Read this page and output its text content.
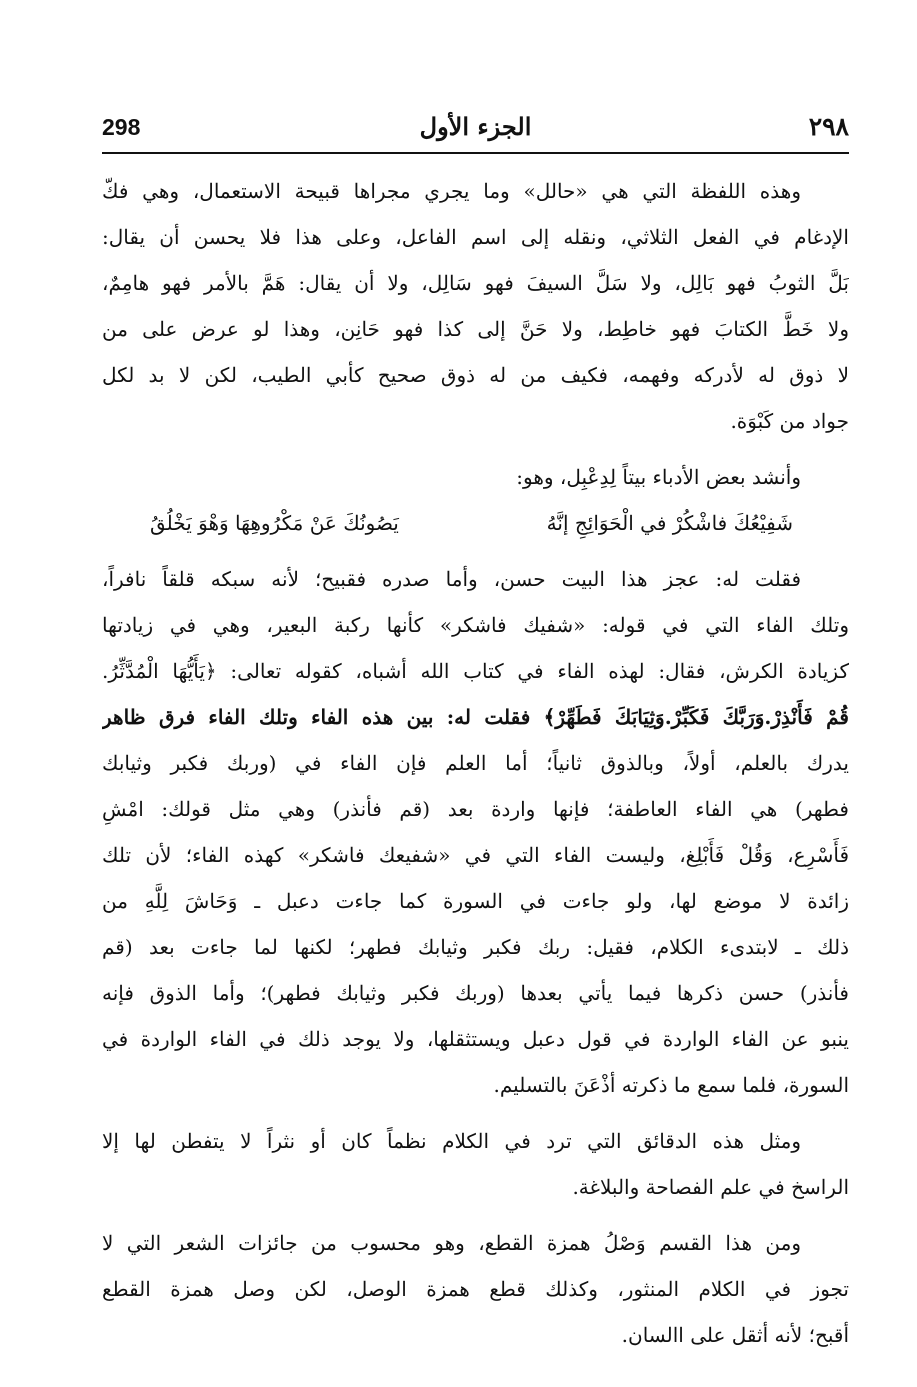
٢٩٨
الجزء الأول
298
وهذه اللفظة التي هي «حالل» وما يجري مجراها قبيحة الاستعمال، وهي فكّ
الإدغام في الفعل الثلاثي، ونقله إلى اسم الفاعل، وعلى هذا فلا يحسن أن يقال:
بَلَّ الثوبُ فهو بَالِل، ولا سَلَّ السيفَ فهو سَالِل، ولا أن يقال: هَمَّ بالأمر فهو هامِمٌ،
ولا خَطَّ الكتابَ فهو خاطِط، ولا حَنَّ إلى كذا فهو حَانِن، وهذا لو عرض على من
لا ذوق له لأدركه وفهمه، فكيف من له ذوق صحيح كأبي الطيب، لكن لا بد لكل
جواد من كَبْوَة.
وأنشد بعض الأدباء بيتاً لِدِعْبِل، وهو:
شَفِيْعُكَ فاشْكُرْ في الْحَوَائِجِ إنَّهُ
يَصُونُكَ عَنْ مَكْرُوهِهَا وَهْوَ يَخْلُقُ
فقلت له: عجز هذا البيت حسن، وأما صدره فقبيح؛ لأنه سبكه قلقاً نافراً،
وتلك الفاء التي في قوله: «شفيك فاشكر» كأنها ركبة البعير، وهي في زيادتها
كزيادة الكرش، فقال: لهذه الفاء في كتاب الله أشباه، كقوله تعالى: ﴿يَأَيُّهَا الْمُدَّثِّرُ.
قُمْ فَأَنْذِرْ.وَرَبَّكَ فَكَبِّرْ.وَثِيَابَكَ فَطَهِّرْ﴾ فقلت له: بين هذه الفاء وتلك الفاء فرق ظاهر
يدرك بالعلم، أولاً، وبالذوق ثانياً؛ أما العلم فإن الفاء في (وربك فكبر وثيابك
فطهر) هي الفاء العاطفة؛ فإنها واردة بعد (قم فأنذر) وهي مثل قولك: امْشِ
فَأَسْرِع، وَقُلْ فَأَبْلِغ، وليست الفاء التي في «شفيعك فاشكر» كهذه الفاء؛ لأن تلك
زائدة لا موضع لها، ولو جاءت في السورة كما جاءت دعبل ـ وَحَاشَ لِلَّهِ من
ذلك ـ لابتدىء الكلام، فقيل: ربك فكبر وثيابك فطهر؛ لكنها لما جاءت بعد (قم
فأنذر) حسن ذكرها فيما يأتي بعدها (وربك فكبر وثيابك فطهر)؛ وأما الذوق فإنه
ينبو عن الفاء الواردة في قول دعبل ويستثقلها، ولا يوجد ذلك في الفاء الواردة في
السورة، فلما سمع ما ذكرته أذْعَنَ بالتسليم.
ومثل هذه الدقائق التي ترد في الكلام نظماً كان أو نثراً لا يتفطن لها إلا
الراسخ في علم الفصاحة والبلاغة.
ومن هذا القسم وَصْلُ همزة القطع، وهو محسوب من جائزات الشعر التي لا
تجوز في الكلام المنثور، وكذلك قطع همزة الوصل، لكن وصل همزة القطع
أقبح؛ لأنه أثقل على االسان.
